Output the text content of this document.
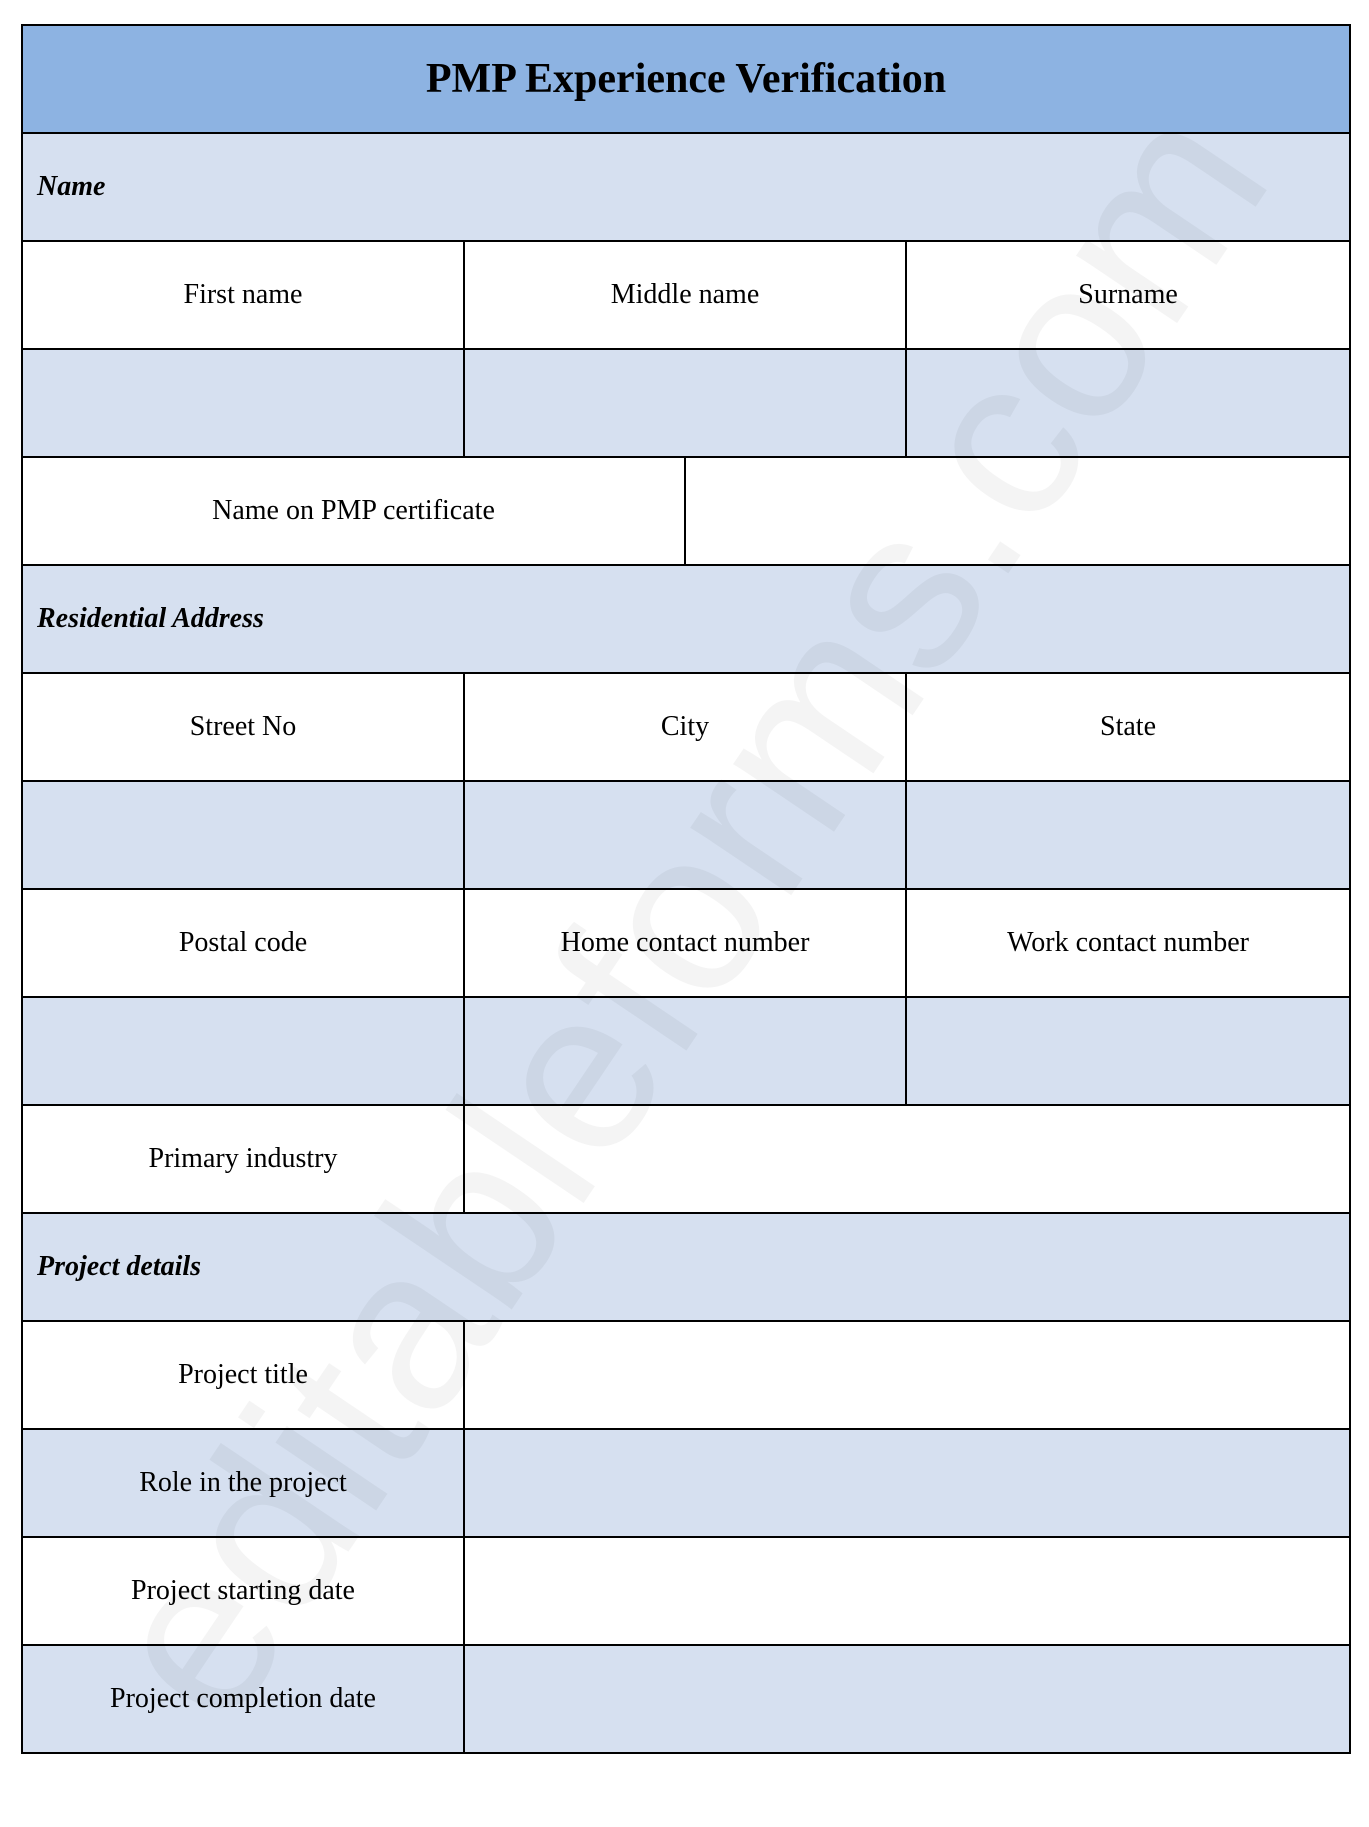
PMP Experience Verification			
Name			
First name	Middle name		Surname

Name on PMP certificate			
Residential Address			
Street No	City		State

Postal code	Home contact number		Work contact number

Primary industry			
Project details			
Project title			
Role in the project			
Project starting date			
Project completion date			
